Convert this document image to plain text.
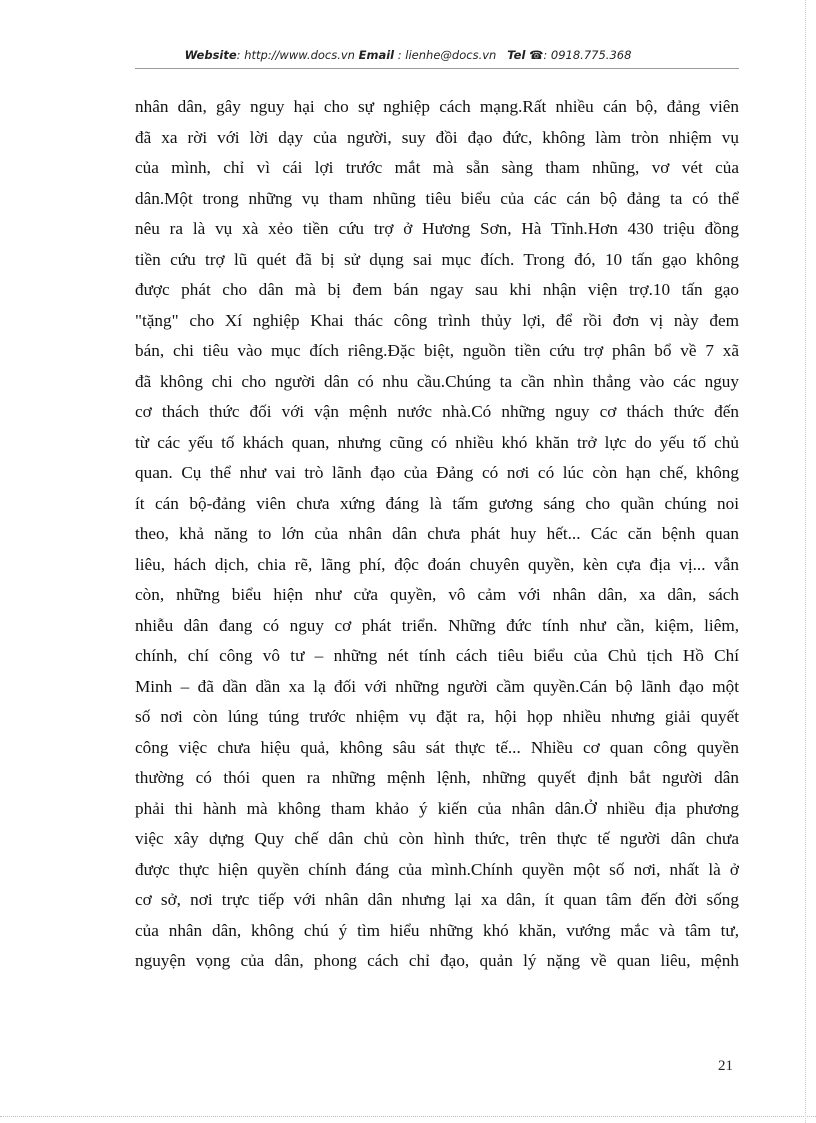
Website: http://www.docs.vn Email : lienhe@docs.vn Tel ☎: 0918.775.368
nhân dân, gây nguy hại cho sự nghiệp cách mạng.Rất nhiều cán bộ, đảng viên
đã xa rời với lời dạy của người, suy đồi đạo đức, không làm tròn nhiệm vụ
của mình, chỉ vì cái lợi trước mắt mà sẵn sàng tham nhũng, vơ vét của
dân.Một trong những vụ tham nhũng tiêu biểu của các cán bộ đảng ta có thể
nêu ra là vụ xà xẻo tiền cứu trợ ở Hương Sơn, Hà Tĩnh.Hơn 430 triệu đồng
tiền cứu trợ lũ quét đã bị sử dụng sai mục đích. Trong đó, 10 tấn gạo không
được phát cho dân mà bị đem bán ngay sau khi nhận viện trợ.10 tấn gạo
"tặng" cho Xí nghiệp Khai thác công trình thủy lợi, để rồi đơn vị này đem
bán, chi tiêu vào mục đích riêng.Đặc biệt, nguồn tiền cứu trợ phân bổ về 7 xã
đã không chi cho người dân có nhu cầu.Chúng ta cần nhìn thẳng vào các nguy
cơ thách thức đối với vận mệnh nước nhà.Có những nguy cơ thách thức đến
từ các yếu tố khách quan, nhưng cũng có nhiều khó khăn trở lực do yếu tố chủ
quan. Cụ thể như vai trò lãnh đạo của Đảng có nơi có lúc còn hạn chế, không
ít cán bộ-đảng viên chưa xứng đáng là tấm gương sáng cho quần chúng noi
theo, khả năng to lớn của nhân dân chưa phát huy hết... Các căn bệnh quan
liêu, hách dịch, chia rẽ, lãng phí, độc đoán chuyên quyền, kèn cựa địa vị... vẫn
còn, những biểu hiện như cửa quyền, vô cảm với nhân dân, xa dân, sách
nhiễu dân đang có nguy cơ phát triển. Những đức tính như cần, kiệm, liêm,
chính, chí công vô tư – những nét tính cách tiêu biểu của Chủ tịch Hồ Chí
Minh – đã dần dần xa lạ đối với những người cầm quyền.Cán bộ lãnh đạo một
số nơi còn lúng túng trước nhiệm vụ đặt ra, hội họp nhiều nhưng giải quyết
công việc chưa hiệu quả, không sâu sát thực tế... Nhiều cơ quan công quyền
thường có thói quen ra những mệnh lệnh, những quyết định bắt người dân
phải thi hành mà không tham khảo ý kiến của nhân dân.Ở nhiều địa phương
việc xây dựng Quy chế dân chủ còn hình thức, trên thực tế người dân chưa
được thực hiện quyền chính đáng của mình.Chính quyền một số nơi, nhất là ở
cơ sở, nơi trực tiếp với nhân dân nhưng lại xa dân, ít quan tâm đến đời sống
của nhân dân, không chú ý tìm hiểu những khó khăn, vướng mắc và tâm tư,
nguyện vọng của dân, phong cách chỉ đạo, quản lý nặng về quan liêu, mệnh
21
